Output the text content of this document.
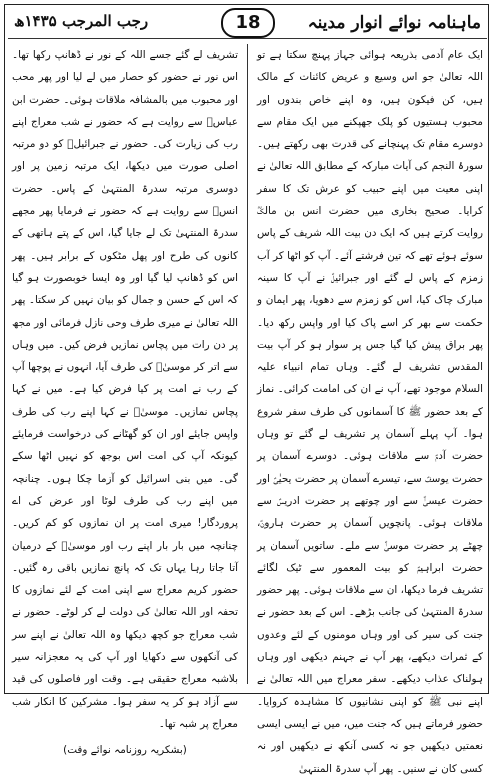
ماہنامہ نوائے انوار مدینہ
18
رجب المرجب ۱۴۳۵ھ

ایک عام آدمی بذریعہ ہوائی جہاز پہنچ سکتا ہے تو اللہ تعالیٰ جو اس وسیع و عریض کائنات کے مالک ہیں، کن فیکون ہیں، وہ اپنے خاص بندوں اور محبوب ہستیوں کو پلک جھپکنے میں ایک مقام سے دوسرے مقام تک پہنچانے کی قدرت بھی رکھتے ہیں۔ سورۂ النجم کی آیات مبارکہ کے مطابق اللہ تعالیٰ نے اپنی معیت میں اپنے حبیب کو عرش تک کا سفر کرایا۔ صحیح بخاری میں حضرت انس بن مالکؓ روایت کرتے ہیں کہ ایک دن بیت اللہ شریف کے پاس سوئے ہوئے تھے کہ تین فرشتے آئے۔ آپ کو اٹھا کر آب زمزم کے پاس لے گئے اور جبرائیلؑ نے آپ کا سینہ مبارک چاک کیا، اس کو زمزم سے دھویا، پھر ایمان و حکمت سے بھر کر اسے پاک کیا اور واپس رکھ دیا۔ پھر براق پیش کیا گیا جس پر سوار ہو کر آپ بیت المقدس تشریف لے گئے۔ وہاں تمام انبیاء علیہ السلام موجود تھے، آپ نے ان کی امامت کرائی۔ نماز کے بعد حضور ﷺ کا آسمانوں کی طرف سفر شروع ہوا۔ آپ پہلے آسمان پر تشریف لے گئے تو وہاں حضرت آدمؑ سے ملاقات ہوئی۔ دوسرے آسمان پر حضرت یوسفؑ سے، تیسرے آسمان پر حضرت یحیٰیؑ اور حضرت عیسیٰؑ سے اور چوتھے پر حضرت ادریسؑ سے ملاقات ہوئی۔ پانچویں آسمان پر حضرت ہارونؑ، چھٹے پر حضرت موسیٰؑ سے ملے۔ ساتویں آسمان پر حضرت ابراہیمؑ کو بیت المعمور سے ٹیک لگائے تشریف فرما دیکھا، ان سے ملاقات ہوئی۔ پھر حضور سدرۃ المنتہیٰ کی جانب بڑھے۔ اس کے بعد حضور نے جنت کی سیر کی اور وہاں مومنوں کے لئے وعدوں کے ثمرات دیکھے، پھر آپ نے جہنم دیکھی اور وہاں ہولناک عذاب دیکھے۔ سفر معراج میں اللہ تعالیٰ نے اپنے نبی ﷺ کو اپنی نشانیوں کا مشاہدہ کروایا۔ حضور فرماتے ہیں کہ جنت میں، میں نے ایسی ایسی نعمتیں دیکھیں جو نہ کسی آنکھ نے دیکھیں اور نہ کسی کان نے سنیں۔ پھر آپ سدرۃ المنتہیٰ

تشریف لے گئے جسے اللہ کے نور نے ڈھانپ رکھا تھا۔ اس نور نے حضور کو حصار میں لے لیا اور پھر محب اور محبوب میں بالمشافہ ملاقات ہوئی۔ حضرت ابن عباسؓ سے روایت ہے کہ حضور نے شب معراج اپنے رب کی زیارت کی۔ حضور نے جبرائیلؑ کو دو مرتبہ اصلی صورت میں دیکھا، ایک مرتبہ زمین پر اور دوسری مرتبہ سدرۃ المنتہیٰ کے پاس۔ حضرت انسؓ سے روایت ہے کہ حضور نے فرمایا پھر مجھے سدرۃ المنتہیٰ تک لے جایا گیا، اس کے پتے ہاتھی کے کانوں کی طرح اور پھل مٹکوں کے برابر ہیں۔ پھر اس کو ڈھانپ لیا گیا اور وہ ایسا خوبصورت ہو گیا کہ اس کے حسن و جمال کو بیان نہیں کر سکتا۔ پھر اللہ تعالیٰ نے میری طرف وحی نازل فرمائی اور مجھ پر دن رات میں پچاس نمازیں فرض کیں۔ میں وہاں سے اتر کر موسیٰؑ کی طرف آیا، انہوں نے پوچھا آپ کے رب نے امت پر کیا فرض کیا ہے۔ میں نے کہا پچاس نمازیں۔ موسیٰؑ نے کہا اپنے رب کی طرف واپس جایئے اور ان کو گھٹانے کی درخواست فرمایئے کیونکہ آپ کی امت اس بوجھ کو نہیں اٹھا سکے گی۔ میں بنی اسرائیل کو آزما چکا ہوں۔ چنانچہ میں اپنے رب کی طرف لوٹا اور عرض کی اے پروردگار! میری امت پر ان نمازوں کو کم کریں۔ چنانچہ میں بار بار اپنے رب اور موسیٰؑ کے درمیان آتا جاتا رہا یہاں تک کہ پانچ نمازیں باقی رہ گئیں۔ حضور کریم معراج سے اپنی امت کے لئے نمازوں کا تحفہ اور اللہ تعالیٰ کی دولت لے کر لوٹے۔ حضور نے شب معراج جو کچھ دیکھا وہ اللہ تعالیٰ نے اپنے سر کی آنکھوں سے دکھایا اور آپ کی یہ معجزانہ سیر بلاشبہ معراج حقیقی ہے۔ وقت اور فاصلوں کی قید سے آزاد ہو کر یہ سفر ہوا۔ مشرکین کا انکار شب معراج پر شبہ تھا۔

(بشکریہ روزنامہ نوائے وقت)
